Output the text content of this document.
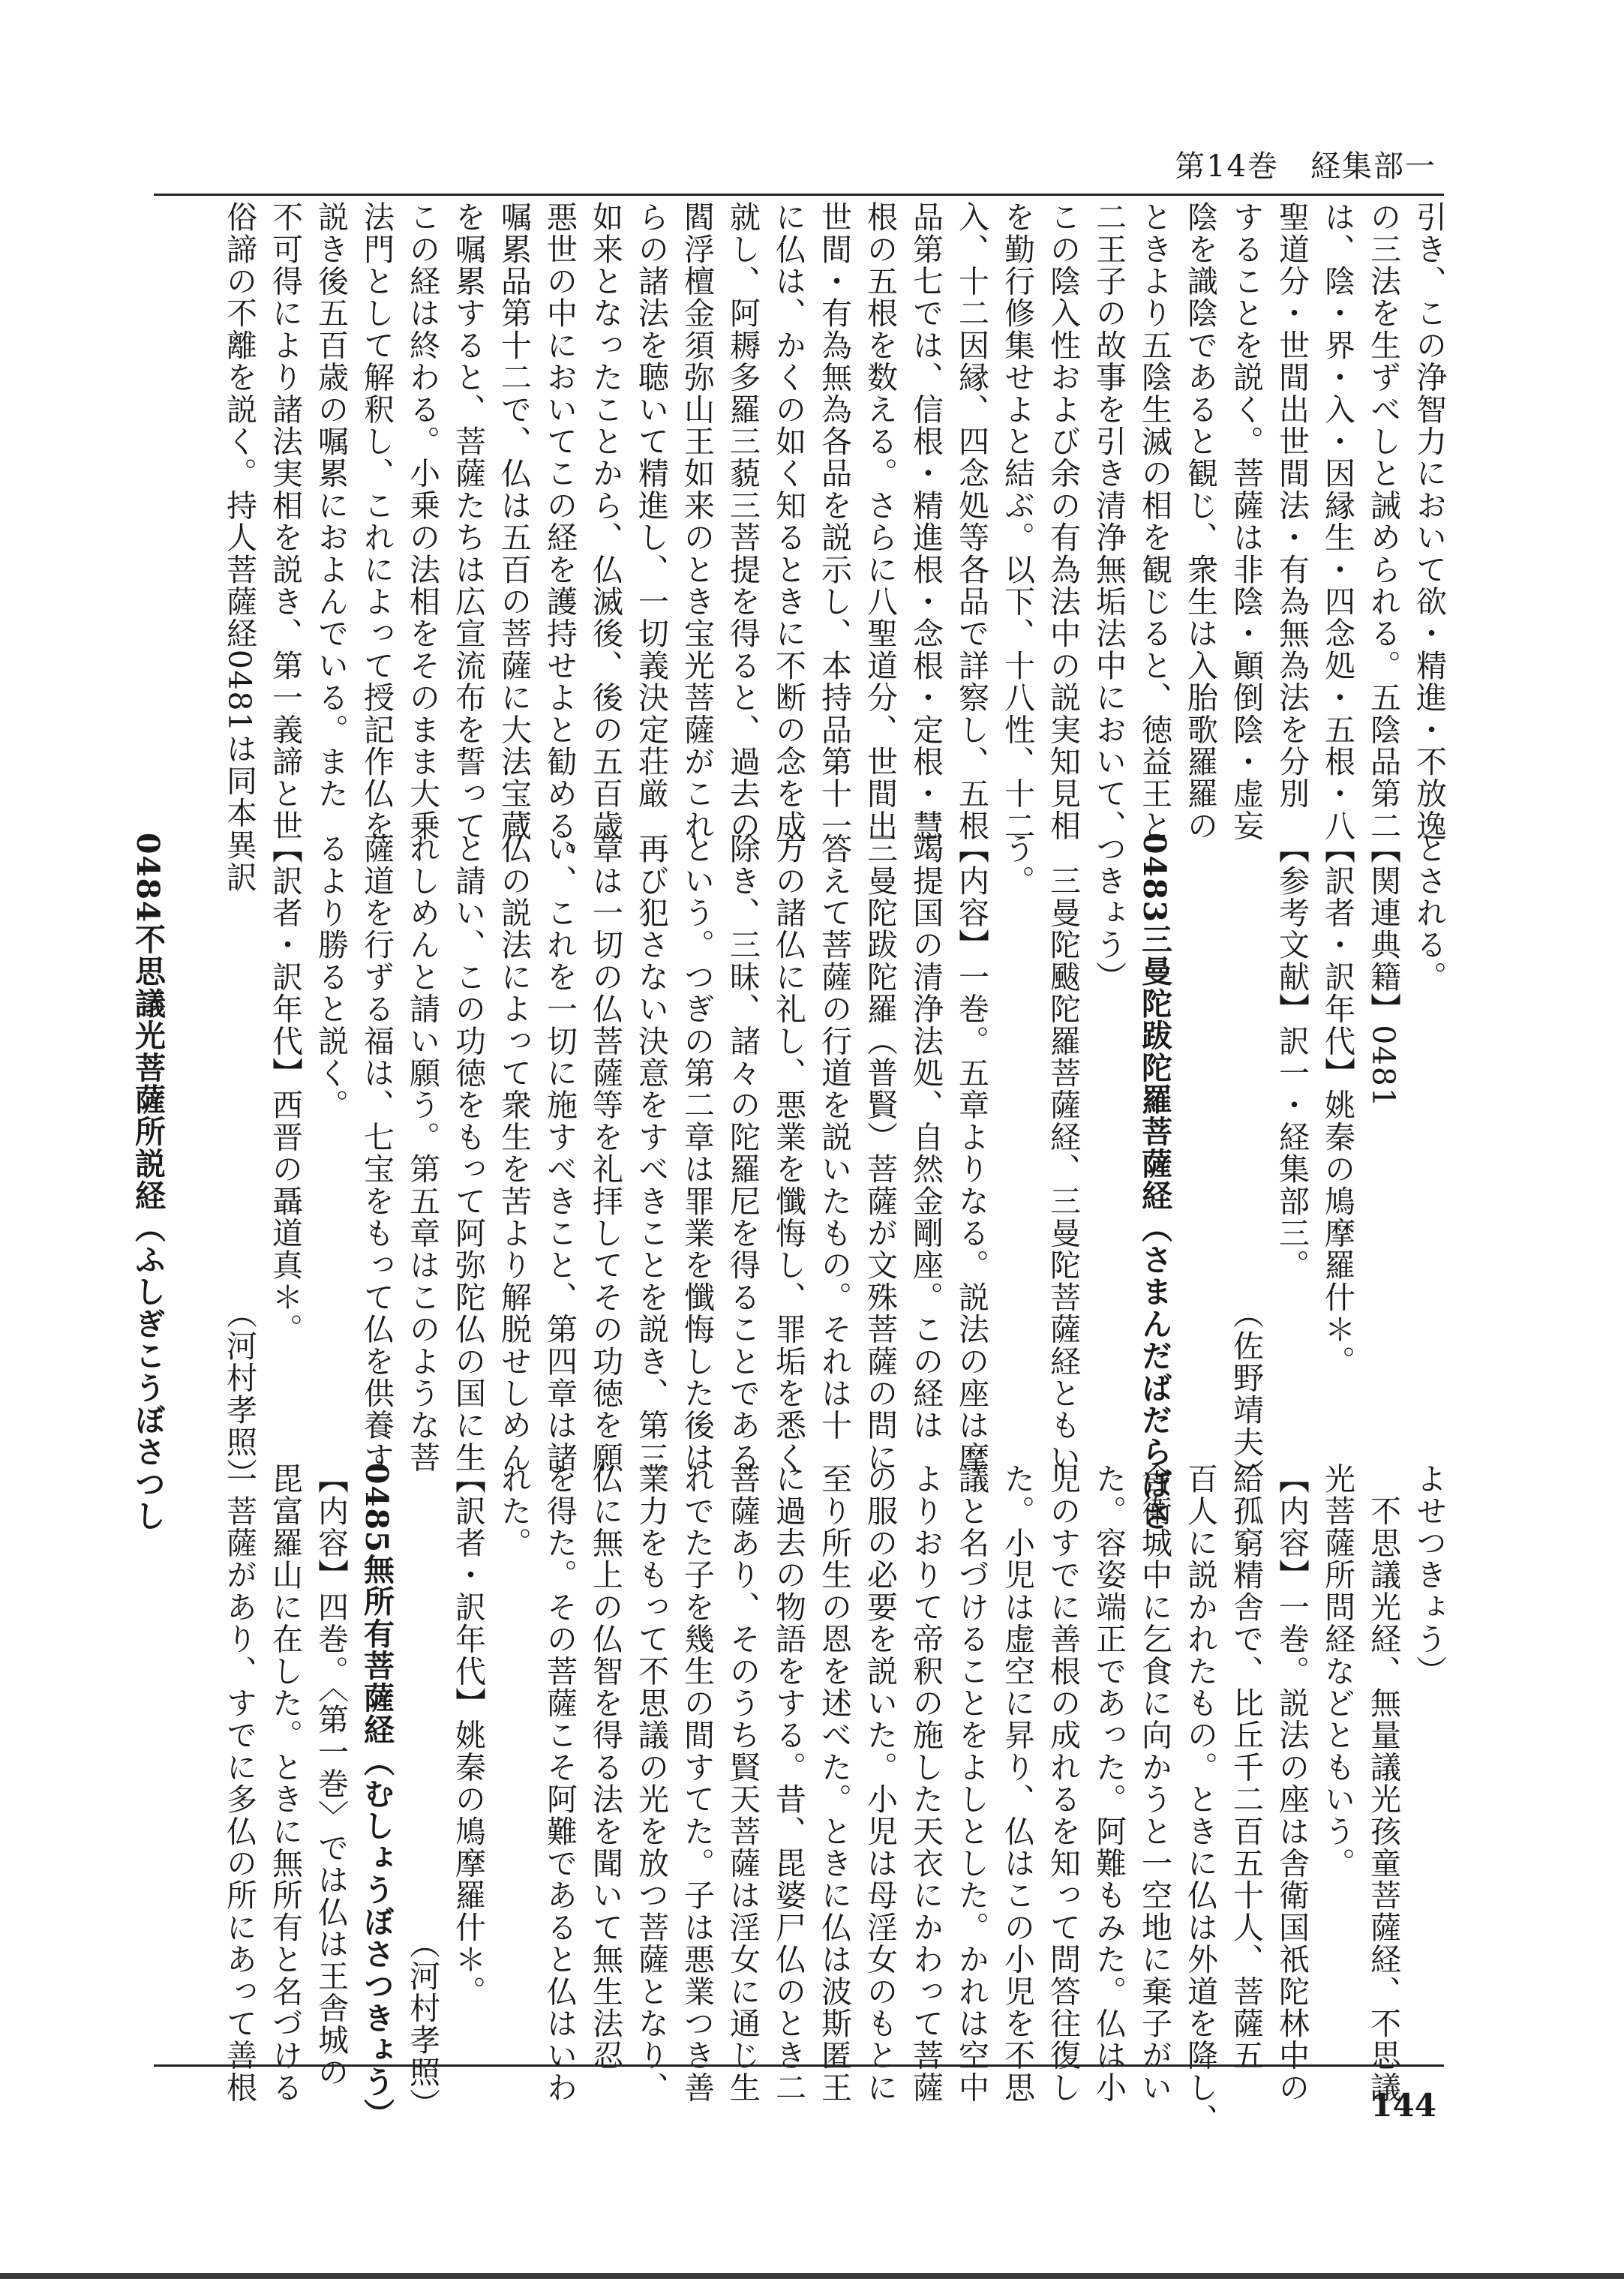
第14巻　経集部一
引き、この浄智力において欲・精進・不放逸
の三法を生ずべしと誡められる。五陰品第二
は、陰・界・入・因縁生・四念処・五根・八
聖道分・世間出世間法・有為無為法を分別
することを説く。菩薩は非陰・顚倒陰・虚妄
陰を識陰であると観じ、衆生は入胎歌羅羅の
ときより五陰生滅の相を観じると、徳益王と
二王子の故事を引き清浄無垢法中において、
この陰入性および余の有為法中の説実知見相
を勤行修集せよと結ぶ。以下、十八性、十二
入、十二因縁、四念処等各品で詳察し、五根
品第七では、信根・精進根・念根・定根・慧
根の五根を数える。さらに八聖道分、世間出
世間・有為無為各品を説示し、本持品第十一
に仏は、かくの如く知るときに不断の念を成
就し、阿耨多羅三藐三菩提を得ると、過去の
閻浮檀金須弥山王如来のとき宝光菩薩がこれ
らの諸法を聴いて精進し、一切義決定荘厳
如来となったことから、仏滅後、後の五百歳
悪世の中においてこの経を護持せよと勧める。
嘱累品第十二で、仏は五百の菩薩に大法宝蔵
を嘱累すると、菩薩たちは広宣流布を誓って
この経は終わる。小乗の法相をそのまま大乗
法門として解釈し、これによって授記作仏を
説き後五百歳の嘱累におよんでいる。また
不可得により諸法実相を説き、第一義諦と世
俗諦の不離を説く。持人菩薩経0481は同本異訳
とされる。
【関連典籍】0481
【訳者・訳年代】姚秦の鳩摩羅什＊。
【参考文献】訳一・経集部三。
　　　　　　　　　　　　　　　（佐野靖夫）
0483三曼陀跋陀羅菩薩経（さまんだばだらぼさ
つきょう）
　三曼陀颰陀羅菩薩経、三曼陀菩薩経ともい
う。
【内容】一巻。五章よりなる。説法の座は摩
竭提国の清浄法処、自然金剛座。この経は
三曼陀跋陀羅（普賢）菩薩が文殊菩薩の問に
答えて菩薩の行道を説いたもの。それは十
方の諸仏に礼し、悪業を懺悔し、罪垢を悉く
除き、三昧、諸々の陀羅尼を得ることである
という。つぎの第二章は罪業を懺悔した後は
再び犯さない決意をすべきことを説き、第三
章は一切の仏菩薩等を礼拝してその功徳を願
い、これを一切に施すべきこと、第四章は諸
仏の説法によって衆生を苦より解脱せしめん
と請い、この功徳をもって阿弥陀仏の国に生
れしめんと請い願う。第五章はこのような菩
薩道を行ずる福は、七宝をもって仏を供養す
るより勝ると説く。
【訳者・訳年代】西晋の聶道真＊。
　　　　　　　　　　　　　　　（河村孝照）
0484不思議光菩薩所説経（ふしぎこうぼさつし
よせつきょう）
　不思議光経、無量議光孩童菩薩経、不思議
光菩薩所問経などともいう。
【内容】一巻。説法の座は舎衛国祇陀林中の
給孤窮精舎で、比丘千二百五十人、菩薩五
百人に説かれたもの。ときに仏は外道を降し、
舎衛城中に乞食に向かうと一空地に棄子がい
た。容姿端正であった。阿難もみた。仏は小
児のすでに善根の成れるを知って問答往復し
た。小児は虚空に昇り、仏はこの小児を不思
議と名づけることをよしとした。かれは空中
よりおりて帝釈の施した天衣にかわって菩薩
の服の必要を説いた。小児は母淫女のもとに
至り所生の恩を述べた。ときに仏は波斯匿王
に過去の物語をする。昔、毘婆尸仏のとき二
菩薩あり、そのうち賢天菩薩は淫女に通じ生
れでた子を幾生の間すてた。子は悪業つき善
業力をもって不思議の光を放つ菩薩となり、
仏に無上の仏智を得る法を聞いて無生法忍
を得た。その菩薩こそ阿難であると仏はいわ
れた。
【訳者・訳年代】姚秦の鳩摩羅什＊。
　　　　　　　　　　　　　　　（河村孝照）
0485無所有菩薩経（むしょうぼさつきょう）
【内容】四巻。〈第一巻〉では仏は王舎城の
毘富羅山に在した。ときに無所有と名づける
一菩薩があり、すでに多仏の所にあって善根
144
